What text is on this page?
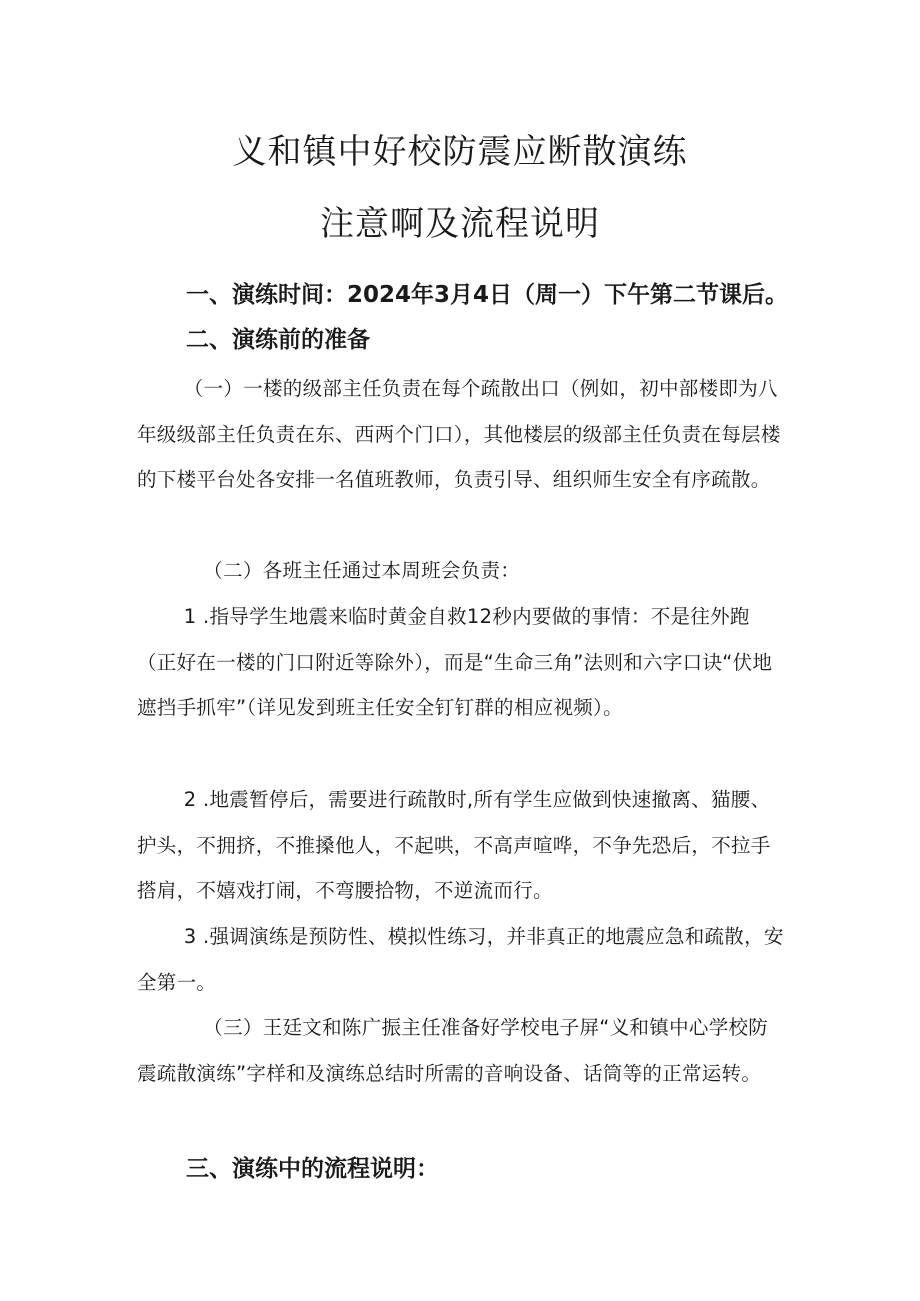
义和镇中好校防震应断散演练
注意啊及流程说明
一、演练时间：2024年3月4日（周一）下午第二节课后。
二、演练前的准备

（一）一楼的级部主任负责在每个疏散出口（例如，初中部楼即为八年级级部主任负责在东、西两个门口），其他楼层的级部主任负责在每层楼的下楼平台处各安排一名值班教师，负责引导、组织师生安全有序疏散。

（二）各班主任通过本周班会负责：

1 .指导学生地震来临时黄金自救12秒内要做的事情：不是往外跑（正好在一楼的门口附近等除外），而是“生命三角”法则和六字口诀“伏地遮挡手抓牢”（详见发到班主任安全钉钉群的相应视频）。

2 .地震暂停后，需要进行疏散时,所有学生应做到快速撤离、猫腰、护头，不拥挤，不推搡他人，不起哄，不高声喧哗，不争先恐后，不拉手搭肩，不嬉戏打闹，不弯腰拾物，不逆流而行。

3 .强调演练是预防性、模拟性练习，并非真正的地震应急和疏散，安全第一。

（三）王廷文和陈广振主任准备好学校电子屏“义和镇中心学校防震疏散演练”字样和及演练总结时所需的音响设备、话筒等的正常运转。

三、演练中的流程说明：
